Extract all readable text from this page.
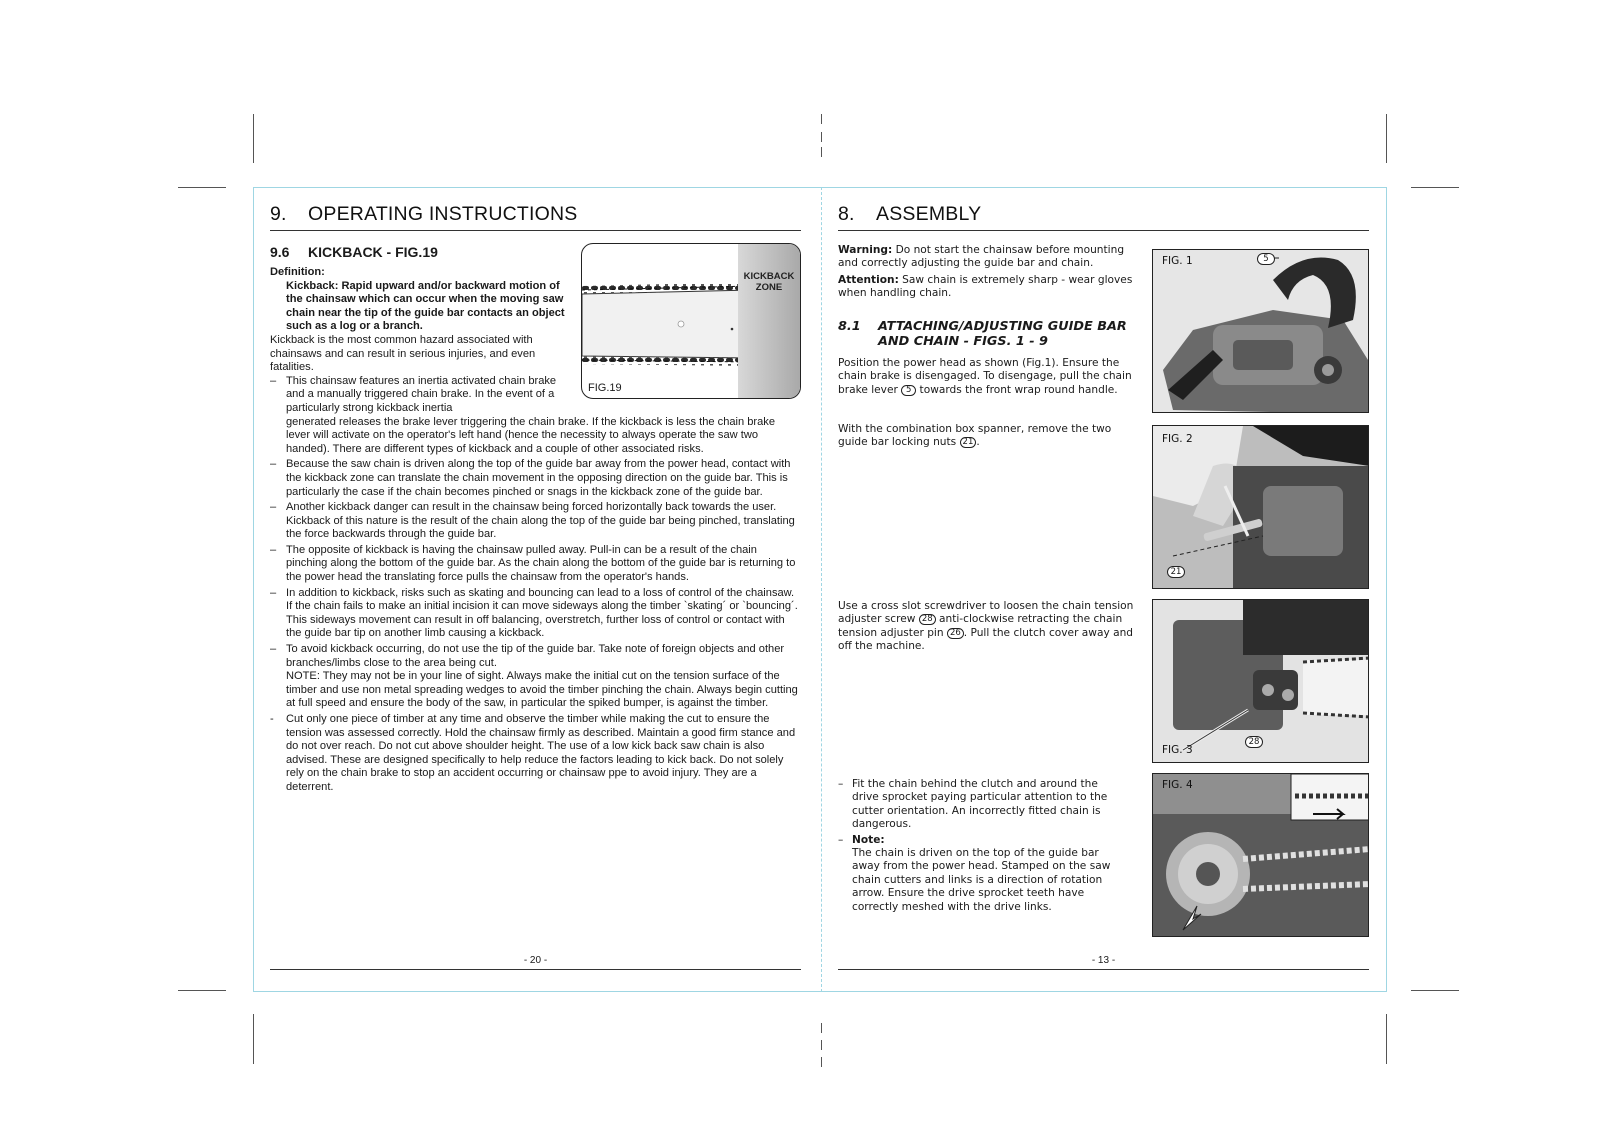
9. OPERATING INSTRUCTIONS
KICKBACK ZONE
FIG.19
9.6 KICKBACK - FIG.19
Definition:
Kickback: Rapid upward and/or backward motion of the chainsaw which can occur when the moving saw chain near the tip of the guide bar contacts an object such as a log or a branch.
Kickback is the most common hazard associated with chainsaws and can result in serious injuries, and even fatalities.
– This chainsaw features an inertia activated chain brake and a manually triggered chain brake. In the event of a particularly strong kickback inertia
generated releases the brake lever triggering the chain brake. If the kickback is less the chain brake lever will activate on the operator's left hand (hence the necessity to always operate the saw two handed). There are different types of kickback and a couple of other associated risks.
– Because the saw chain is driven along the top of the guide bar away from the power head, contact with the kickback zone can translate the chain movement in the opposing direction on the guide bar. This is particularly the case if the chain becomes pinched or snags in the kickback zone of the guide bar.
– Another kickback danger can result in the chainsaw being forced horizontally back towards the user. Kickback of this nature is the result of the chain along the top of the guide bar being pinched, translating the force backwards through the guide bar.
– The opposite of kickback is having the chainsaw pulled away. Pull-in can be a result of the chain pinching along the bottom of the guide bar. As the chain along the bottom of the guide bar is returning to the power head the translating force pulls the chainsaw from the operator's hands.
– In addition to kickback, risks such as skating and bouncing can lead to a loss of control of the chainsaw. If the chain fails to make an initial incision it can move sideways along the timber `skating´ or `bouncing´. This sideways movement can result in off balancing, overstretch, further loss of control or contact with the guide bar tip on another limb causing a kickback.
– To avoid kickback occurring, do not use the tip of the guide bar. Take note of foreign objects and other branches/limbs close to the area being cut.
NOTE: They may not be in your line of sight. Always make the initial cut on the tension surface of the timber and use non metal spreading wedges to avoid the timber pinching the chain. Always begin cutting at full speed and ensure the body of the saw, in particular the spiked bumper, is against the timber.
-	Cut only one piece of timber at any time and observe the timber while making the cut to ensure the tension was assessed correctly. Hold the chainsaw firmly as described. Maintain a good firm stance and do not over reach. Do not cut above shoulder height. The use of a low kick back saw chain is also advised. These are designed specifically to help reduce the factors leading to kick back. Do not solely rely on the chain brake to stop an accident occurring or chainsaw ppe to avoid injury. They are a deterrent.
- 20 -
8. ASSEMBLY
Warning: Do not start the chainsaw before mounting and correctly adjusting the guide bar and chain.
Attention: Saw chain is extremely sharp - wear gloves when handling chain.
8.1 ATTACHING/ADJUSTING GUIDE BAR
AND CHAIN - FIGS. 1 - 9
Position the power head as shown (Fig.1). Ensure the chain brake is disengaged. To disengage, pull the chain brake lever 5 towards the front wrap round handle.
With the combination box spanner, remove the two guide bar locking nuts 21 .
Use a cross slot screwdriver to loosen the chain tension adjuster screw 28 anti-clockwise retracting the chain tension adjuster pin 26 . Pull the clutch cover away and off the machine.
– Fit the chain behind the clutch and around the drive sprocket paying particular attention to the cutter orientation. An incorrectly fitted chain is dangerous.
– Note:
The chain is driven on the top of the guide bar away from the power head. Stamped on the saw chain cutters and links is a direction of rotation arrow. Ensure the drive sprocket teeth have correctly meshed with the drive links.
FIG. 1	5
FIG. 2
21
FIG. 3
28
FIG. 4
- 13 -
